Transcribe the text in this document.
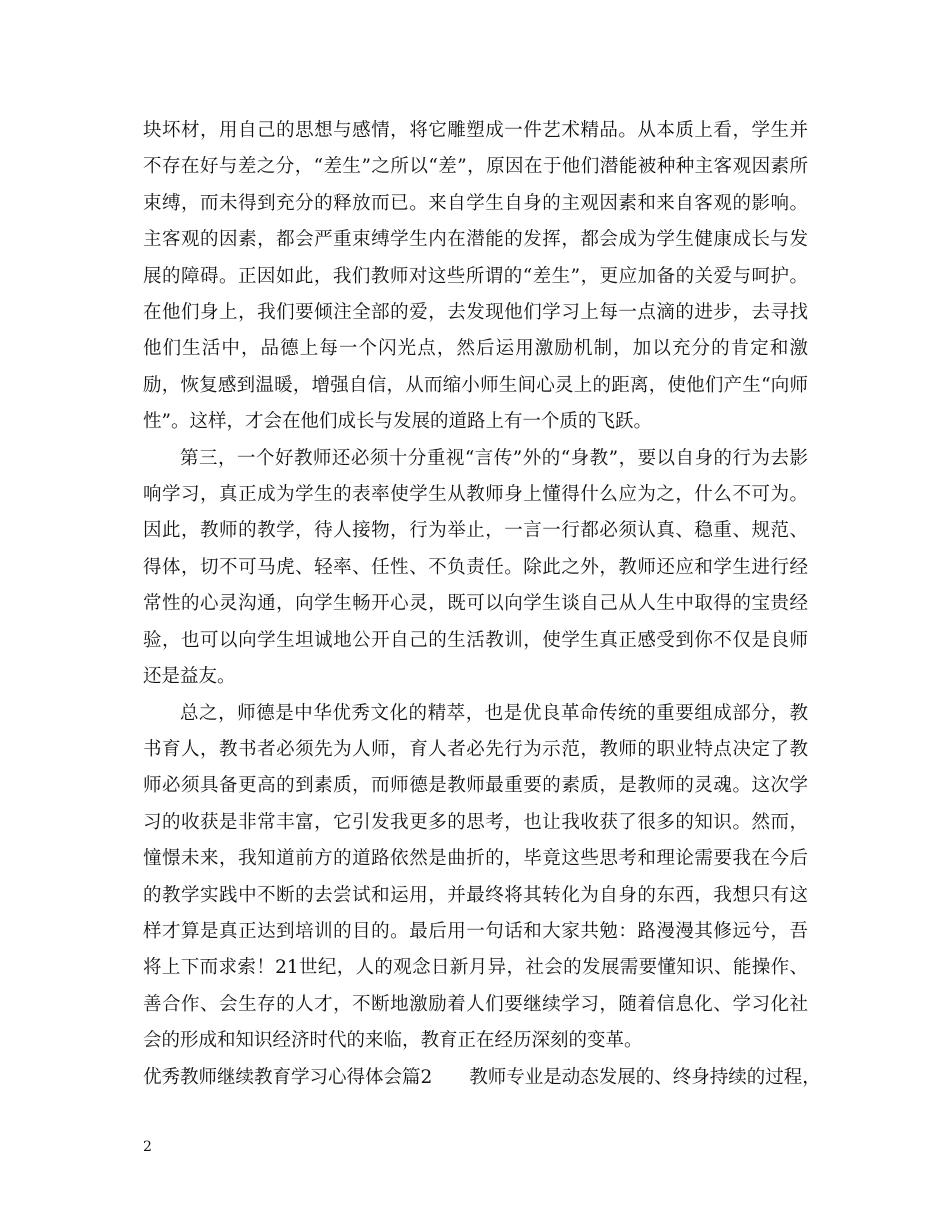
块坏材，用自己的思想与感情，将它雕塑成一件艺术精品。从本质上看，学生并不存在好与差之分，“差生”之所以“差”，原因在于他们潜能被种种主客观因素所束缚，而未得到充分的释放而已。来自学生自身的主观因素和来自客观的影响。主客观的因素，都会严重束缚学生内在潜能的发挥，都会成为学生健康成长与发展的障碍。正因如此，我们教师对这些所谓的“差生”，更应加备的关爱与呵护。在他们身上，我们要倾注全部的爱，去发现他们学习上每一点滴的进步，去寻找他们生活中，品德上每一个闪光点，然后运用激励机制，加以充分的肯定和激励，恢复感到温暖，增强自信，从而缩小师生间心灵上的距离，使他们产生“向师性”。这样，才会在他们成长与发展的道路上有一个质的飞跃。

第三，一个好教师还必须十分重视“言传”外的“身教”，要以自身的行为去影响学习，真正成为学生的表率使学生从教师身上懂得什么应为之，什么不可为。因此，教师的教学，待人接物，行为举止，一言一行都必须认真、稳重、规范、得体，切不可马虎、轻率、任性、不负责任。除此之外，教师还应和学生进行经常性的心灵沟通，向学生畅开心灵，既可以向学生谈自己从人生中取得的宝贵经验，也可以向学生坦诚地公开自己的生活教训，使学生真正感受到你不仅是良师还是益友。

总之，师德是中华优秀文化的精萃，也是优良革命传统的重要组成部分，教书育人，教书者必须先为人师，育人者必先行为示范，教师的职业特点决定了教师必须具备更高的到素质，而师德是教师最重要的素质，是教师的灵魂。这次学习的收获是非常丰富，它引发我更多的思考，也让我收获了很多的知识。然而，憧憬未来，我知道前方的道路依然是曲折的，毕竟这些思考和理论需要我在今后的教学实践中不断的去尝试和运用，并最终将其转化为自身的东西，我想只有这样才算是真正达到培训的目的。最后用一句话和大家共勉：路漫漫其修远兮，吾将上下而求索！21世纪，人的观念日新月异，社会的发展需要懂知识、能操作、善合作、会生存的人才，不断地激励着人们要继续学习，随着信息化、学习化社会的形成和知识经济时代的来临，教育正在经历深刻的变革。

优秀教师继续教育学习心得体会篇2 教师专业是动态发展的、终身持续的过程，

2
